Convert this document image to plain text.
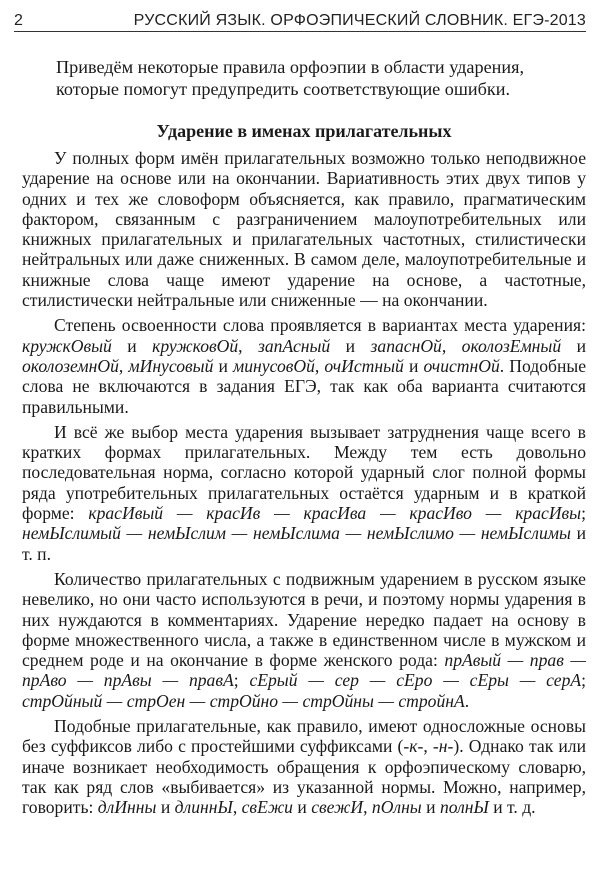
2	РУССКИЙ ЯЗЫК. ОРФОЭПИЧЕСКИЙ СЛОВНИК. ЕГЭ-2013

Приведём некоторые правила орфоэпии в области ударения, которые помогут предупредить соответствующие ошибки.

Ударение в именах прилагательных

У полных форм имён прилагательных возможно только неподвижное ударение на основе или на окончании. Вариативность этих двух типов у одних и тех же словоформ объясняется, как правило, прагматическим фактором, связанным с разграничением малоупотребительных или книжных прилагательных и прилагательных частотных, стилистически нейтральных или даже сниженных. В самом деле, малоупотребительные и книжные слова чаще имеют ударение на основе, а частотные, стилистически нейтральные или сниженные — на окончании.

Степень освоенности слова проявляется в вариантах места ударения: кружкОвый и кружковОй, запАсный и запаснОй, околозЕмный и околоземнОй, мИнусовый и минусовОй, очИстный и очистнОй. Подобные слова не включаются в задания ЕГЭ, так как оба варианта считаются правильными.

И всё же выбор места ударения вызывает затруднения чаще всего в кратких формах прилагательных. Между тем есть довольно последовательная норма, согласно которой ударный слог полной формы ряда употребительных прилагательных остаётся ударным и в краткой форме: красИвый — красИв — красИва — красИво — красИвы; немЫслимый — немЫслим — немЫслима — немЫслимо — немЫслимы и т. п.

Количество прилагательных с подвижным ударением в русском языке невелико, но они часто используются в речи, и поэтому нормы ударения в них нуждаются в комментариях. Ударение нередко падает на основу в форме множественного числа, а также в единственном числе в мужском и среднем роде и на окончание в форме женского рода: прАвый — прав — прАво — прАвы — правА; сЕрый — сер — сЕро — сЕры — серА; стрОйный — стрОен — стрОйно — стрОйны — стройнА.

Подобные прилагательные, как правило, имеют односложные основы без суффиксов либо с простейшими суффиксами (-к-, -н-). Однако так или иначе возникает необходимость обращения к орфоэпическому словарю, так как ряд слов «выбивается» из указанной нормы. Можно, например, говорить: длИнны и длиннЫ, свЕжи и свежИ, пОлны и полнЫ и т. д.
